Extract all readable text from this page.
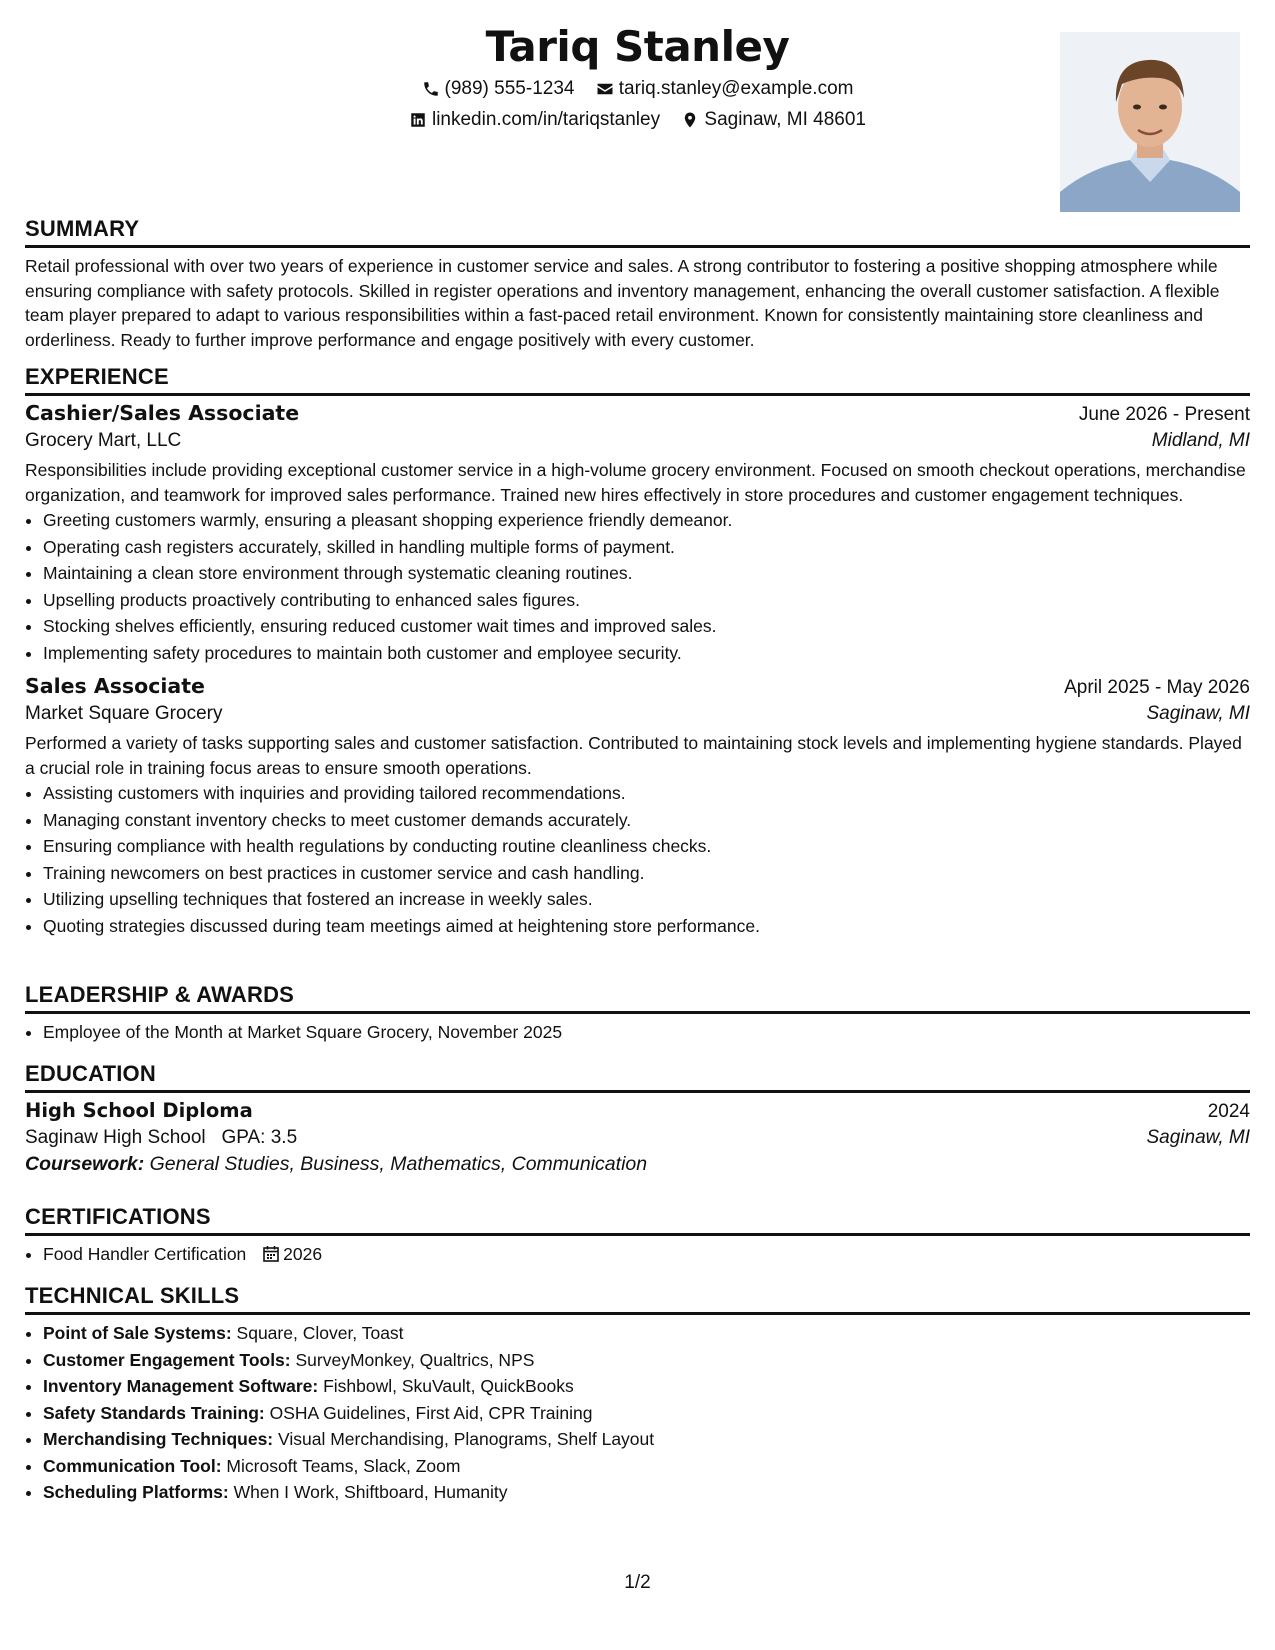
Tariq Stanley
(989) 555-1234
tariq.stanley@example.com
linkedin.com/in/tariqstanley
Saginaw, MI 48601
SUMMARY

Retail professional with over two years of experience in customer service and sales. A strong contributor to fostering a positive shopping atmosphere while ensuring compliance with safety protocols. Skilled in register operations and inventory management, enhancing the overall customer satisfaction. A flexible team player prepared to adapt to various responsibilities within a fast-paced retail environment. Known for consistently maintaining store cleanliness and orderliness. Ready to further improve performance and engage positively with every customer.

EXPERIENCE
Cashier/Sales Associate	June 2026 - Present
Grocery Mart, LLC	Midland, MI

Responsibilities include providing exceptional customer service in a high-volume grocery environment. Focused on smooth checkout operations, merchandise organization, and teamwork for improved sales performance. Trained new hires effectively in store procedures and customer engagement techniques.

• Greeting customers warmly, ensuring a pleasant shopping experience friendly demeanor.
• Operating cash registers accurately, skilled in handling multiple forms of payment.
• Maintaining a clean store environment through systematic cleaning routines.
• Upselling products proactively contributing to enhanced sales figures.
• Stocking shelves efficiently, ensuring reduced customer wait times and improved sales.
• Implementing safety procedures to maintain both customer and employee security.
Sales Associate	April 2025 - May 2026
Market Square Grocery	Saginaw, MI

Performed a variety of tasks supporting sales and customer satisfaction. Contributed to maintaining stock levels and implementing hygiene standards. Played a crucial role in training focus areas to ensure smooth operations.

• Assisting customers with inquiries and providing tailored recommendations.
• Managing constant inventory checks to meet customer demands accurately.
• Ensuring compliance with health regulations by conducting routine cleanliness checks.
• Training newcomers on best practices in customer service and cash handling.
• Utilizing upselling techniques that fostered an increase in weekly sales.
• Quoting strategies discussed during team meetings aimed at heightening store performance.
LEADERSHIP & AWARDS
• Employee of the Month at Market Square Grocery, November 2025
EDUCATION
High School Diploma	2024
Saginaw High School GPA: 3.5	Saginaw, MI
Coursework: General Studies, Business, Mathematics, Communication
CERTIFICATIONS
• Food Handler Certification 2026
TECHNICAL SKILLS
• Point of Sale Systems: Square, Clover, Toast
• Customer Engagement Tools: SurveyMonkey, Qualtrics, NPS
• Inventory Management Software: Fishbowl, SkuVault, QuickBooks
• Safety Standards Training: OSHA Guidelines, First Aid, CPR Training
• Merchandising Techniques: Visual Merchandising, Planograms, Shelf Layout
• Communication Tool: Microsoft Teams, Slack, Zoom
• Scheduling Platforms: When I Work, Shiftboard, Humanity
1/2
